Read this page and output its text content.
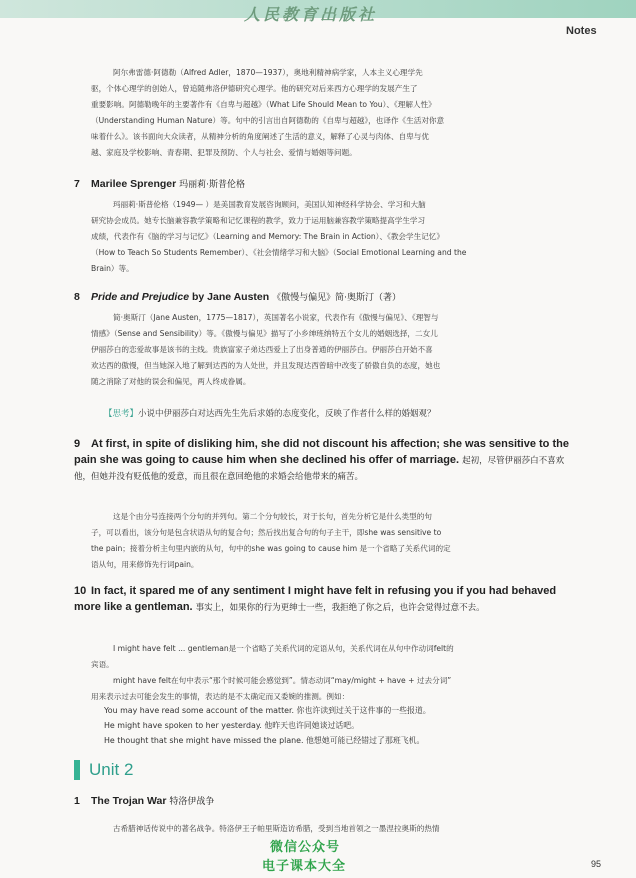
人民教育出版社
Notes

阿尔弗雷德·阿德勒（Alfred Adler，1870—1937），奥地利精神病学家，人本主义心理学先

驱，个体心理学的创始人，曾追随弗洛伊德研究心理学。他的研究对后来西方心理学的发展产生了

重要影响。阿德勒晚年的主要著作有《自卑与超越》（What Life Should Mean to You）、《理解人性》

（Understanding Human Nature）等。句中的引言出自阿德勒的《自卑与超越》，也译作《生活对你意

味着什么》。该书面向大众读者，从精神分析的角度阐述了生活的意义，解释了心灵与肉体、自卑与优

越、家庭及学校影响、青春期、犯罪及预防、个人与社会、爱情与婚姻等问题。

7 Marilee Sprenger 玛丽莉·斯普伦格

玛丽莉·斯普伦格（1949— ）是美国教育发展咨询顾问，美国认知神经科学协会、学习和大脑

研究协会成员。她专长脑兼容教学策略和记忆课程的教学，致力于运用脑兼容教学策略提高学生学习

成绩，代表作有《脑的学习与记忆》（Learning and Memory: The Brain in Action）、《教会学生记忆》

（How to Teach So Students Remember）、《社会情绪学习和大脑》（Social Emotional Learning and the

Brain）等。

8 Pride and Prejudice by Jane Austen 《傲慢与偏见》简·奥斯汀（著）

简·奥斯汀（Jane Austen，1775—1817），英国著名小说家，代表作有《傲慢与偏见》、《理智与

情感》（Sense and Sensibility）等。《傲慢与偏见》描写了小乡绅班纳特五个女儿的婚姻选择，二女儿

伊丽莎白的恋爱故事是该书的主线。贵族富家子弟达西爱上了出身普通的伊丽莎白。伊丽莎白开始不喜

欢达西的傲慢，但当她深入地了解到达西的为人处世，并且发现达西曾暗中改变了骄傲自负的态度，她也

随之消除了对他的误会和偏见，两人终成眷属。

【思考】小说中伊丽莎白对达西先生先后求婚的态度变化，反映了作者什么样的婚姻观？

9 At first, in spite of disliking him, she did not discount his affection; she was sensitive to the pain she was going to cause him when she declined his offer of marriage. 起初，尽管伊丽莎白不喜欢他，但她并没有贬低他的爱意，而且很在意回绝他的求婚会给他带来的痛苦。

这是个由分号连接两个分句的并列句。第二个分句较长，对于长句，首先分析它是什么类型的句

子，可以看出，该分句是包含状语从句的复合句；然后找出复合句的句子主干，即she was sensitive to

the pain；接着分析主句里内嵌的从句，句中的she was going to cause him 是一个省略了关系代词的定

语从句，用来修饰先行词pain。

10 In fact, it spared me of any sentiment I might have felt in refusing you if you had behaved more like a gentleman. 事实上，如果你的行为更绅士一些，我拒绝了你之后，也许会觉得过意不去。

I might have felt ... gentleman是一个省略了关系代词的定语从句，关系代词在从句中作动词felt的

宾语。

might have felt在句中表示“那个时候可能会感觉到”。情态动词“may/might + have + 过去分词”

用来表示过去可能会发生的事情，表达的是不太确定而又委婉的推测。例如：

You may have read some account of the matter. 你也许读到过关于这件事的一些报道。
He might have spoken to her yesterday. 他昨天也许同她谈过话吧。
He thought that she might have missed the plane. 他想她可能已经错过了那班飞机。
Unit 2
1 The Trojan War 特洛伊战争

古希腊神话传说中的著名战争。特洛伊王子帕里斯造访希腊，受到当地首领之一墨涅拉奥斯的热情

微信公众号
电子课本大全	95
